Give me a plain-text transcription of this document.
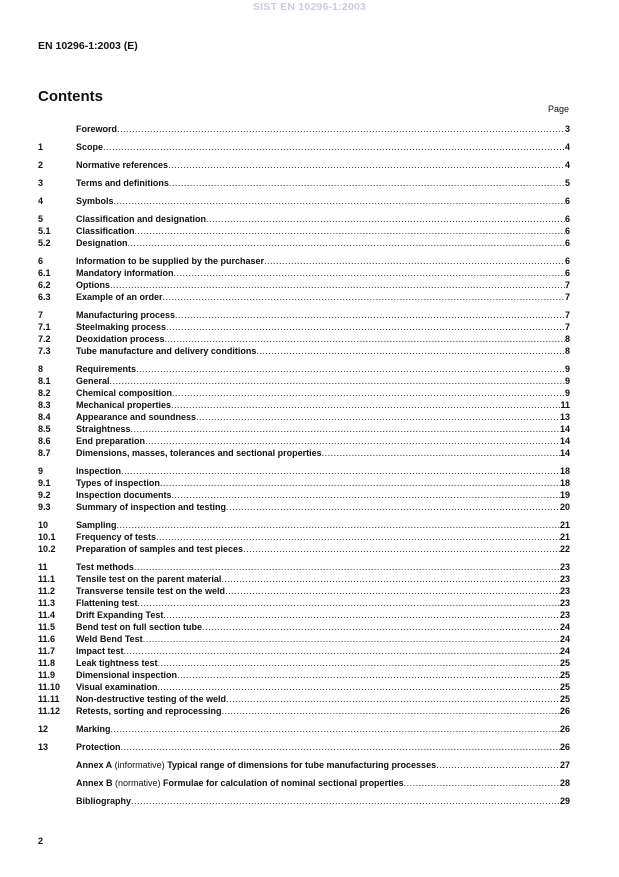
SIST EN 10296-1:2003
EN 10296-1:2003 (E)
Contents
Page
Foreword .....	3
1	Scope .....	4
2	Normative references .....	4
3	Terms and definitions .....	5
4	Symbols .....	6
5	Classification and designation .....	6
5.1	Classification .....	6
5.2	Designation .....	6
6	Information to be supplied by the purchaser .....	6
6.1	Mandatory information .....	6
6.2	Options .....	7
6.3	Example of an order .....	7
7	Manufacturing process .....	7
7.1	Steelmaking process .....	7
7.2	Deoxidation process .....	8
7.3	Tube manufacture and delivery conditions .....	8
8	Requirements .....	9
8.1	General .....	9
8.2	Chemical composition .....	9
8.3	Mechanical properties .....	11
8.4	Appearance and soundness .....	13
8.5	Straightness .....	14
8.6	End preparation .....	14
8.7	Dimensions, masses, tolerances and sectional properties .....	14
9	Inspection .....	18
9.1	Types of inspection .....	18
9.2	Inspection documents .....	19
9.3	Summary of inspection and testing .....	20
10	Sampling .....	21
10.1	Frequency of tests .....	21
10.2	Preparation of samples and test pieces .....	22
11	Test methods .....	23
11.1	Tensile test on the parent material .....	23
11.2	Transverse tensile test on the weld .....	23
11.3	Flattening test .....	23
11.4	Drift Expanding Test .....	23
11.5	Bend test on full section tube .....	24
11.6	Weld Bend Test .....	24
11.7	Impact test .....	24
11.8	Leak tightness test .....	25
11.9	Dimensional inspection .....	25
11.10	Visual examination .....	25
11.11	Non-destructive testing of the weld .....	25
11.12	Retests, sorting and reprocessing .....	26
12	Marking .....	26
13	Protection .....	26
Annex A (informative) Typical range of dimensions for tube manufacturing processes .....	27
Annex B (normative) Formulae for calculation of nominal sectional properties .....	28
Bibliography .....	29
2
